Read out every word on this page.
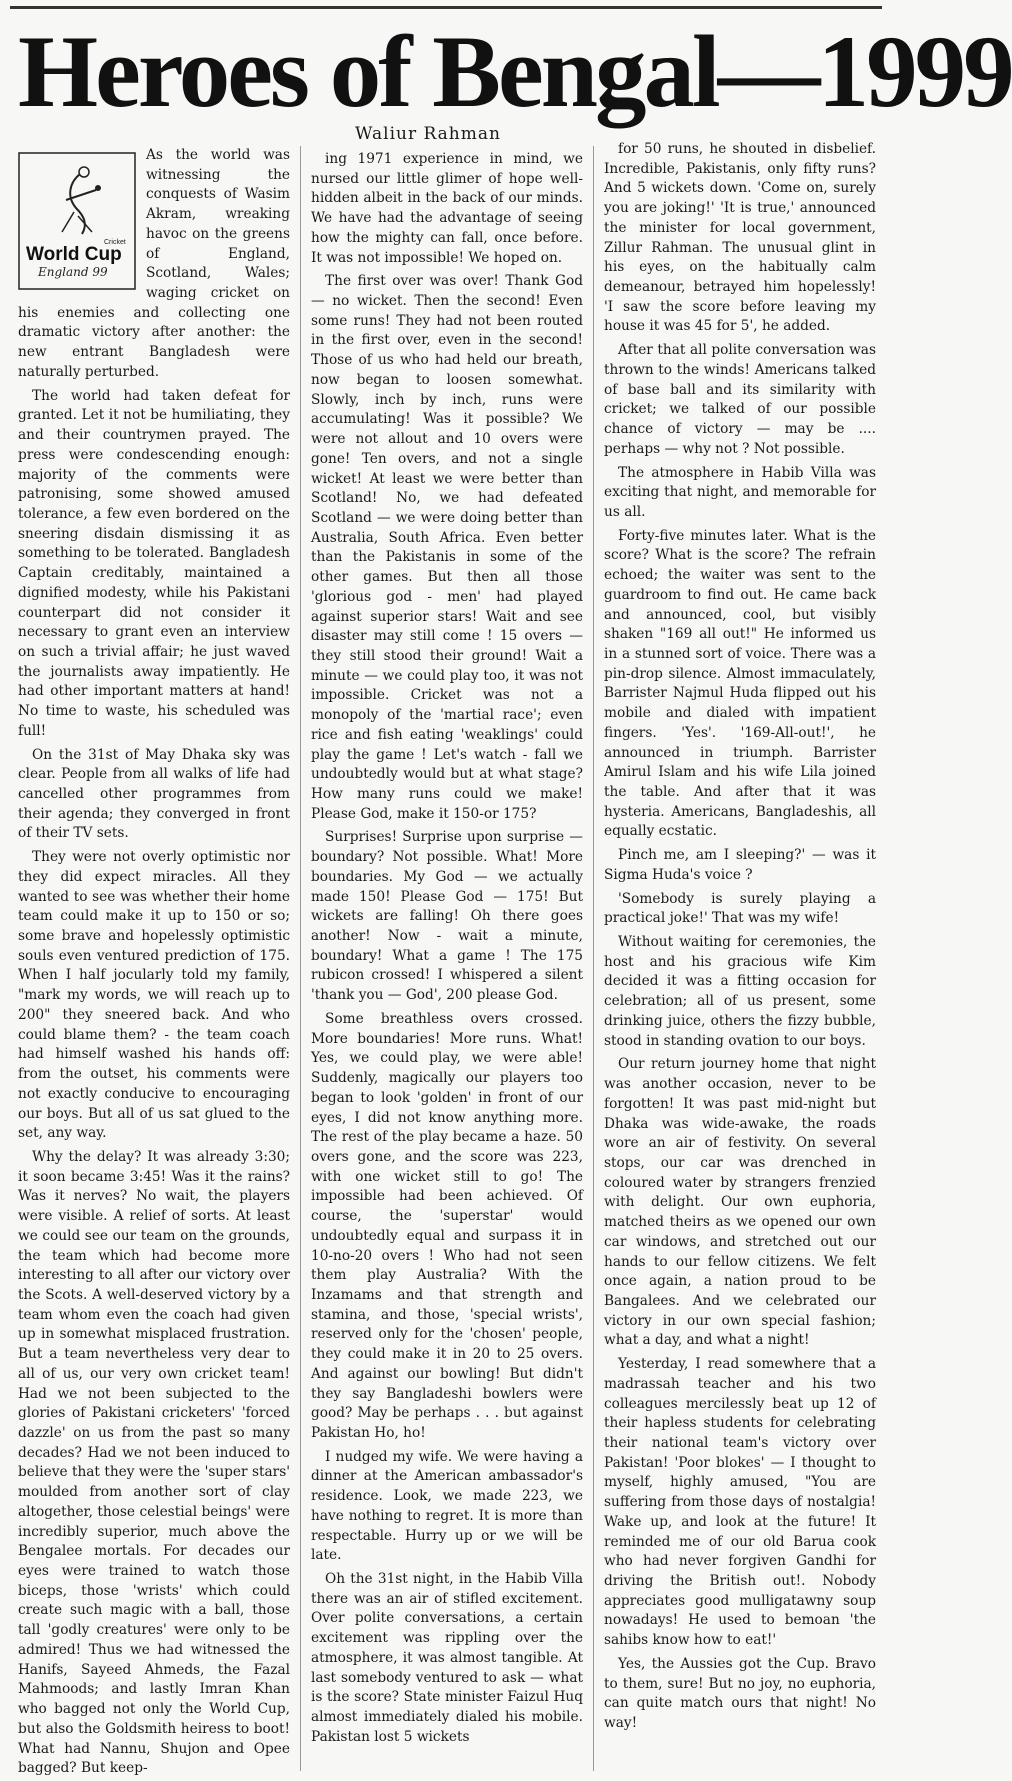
Heroes of Bengal—1999
Waliur Rahman
Cricket
World Cup
England 99

As the world was witnessing the conquests of Wasim Akram, wreaking havoc on the greens of England, Scotland, Wales; waging cricket on his enemies and collecting one dramatic victory after another: the new entrant Bangladesh were naturally perturbed.

The world had taken defeat for granted. Let it not be humiliating, they and their countrymen prayed. The press were condescending enough: majority of the comments were patronising, some showed amused tolerance, a few even bordered on the sneering disdain dismissing it as something to be tolerated. Bangladesh Captain creditably, maintained a dignified modesty, while his Pakistani counterpart did not consider it necessary to grant even an interview on such a trivial affair; he just waved the journalists away impatiently. He had other important matters at hand! No time to waste, his scheduled was full!

On the 31st of May Dhaka sky was clear. People from all walks of life had cancelled other programmes from their agenda; they converged in front of their TV sets.

They were not overly optimistic nor they did expect miracles. All they wanted to see was whether their home team could make it up to 150 or so; some brave and hopelessly optimistic souls even ventured prediction of 175. When I half jocularly told my family, "mark my words, we will reach up to 200" they sneered back. And who could blame them? - the team coach had himself washed his hands off: from the outset, his comments were not exactly conducive to encouraging our boys. But all of us sat glued to the set, any way.

Why the delay? It was already 3:30; it soon became 3:45! Was it the rains? Was it nerves? No wait, the players were visible. A relief of sorts. At least we could see our team on the grounds, the team which had become more interesting to all after our victory over the Scots. A well-deserved victory by a team whom even the coach had given up in somewhat misplaced frustration. But a team nevertheless very dear to all of us, our very own cricket team! Had we not been subjected to the glories of Pakistani cricketers' 'forced dazzle' on us from the past so many decades? Had we not been induced to believe that they were the 'super stars' moulded from another sort of clay altogether, those celestial beings' were incredibly superior, much above the Bengalee mortals. For decades our eyes were trained to watch those biceps, those 'wrists' which could create such magic with a ball, those tall 'godly creatures' were only to be admired! Thus we had witnessed the Hanifs, Sayeed Ahmeds, the Fazal Mahmoods; and lastly Imran Khan who bagged not only the World Cup, but also the Goldsmith heiress to boot! What had Nannu, Shujon and Opee bagged? But keep-

ing 1971 experience in mind, we nursed our little glimer of hope well-hidden albeit in the back of our minds. We have had the advantage of seeing how the mighty can fall, once before. It was not impossible! We hoped on.

The first over was over! Thank God — no wicket. Then the second! Even some runs! They had not been routed in the first over, even in the second! Those of us who had held our breath, now began to loosen somewhat. Slowly, inch by inch, runs were accumulating! Was it possible? We were not allout and 10 overs were gone! Ten overs, and not a single wicket! At least we were better than Scotland! No, we had defeated Scotland — we were doing better than Australia, South Africa. Even better than the Pakistanis in some of the other games. But then all those 'glorious god - men' had played against superior stars! Wait and see disaster may still come ! 15 overs — they still stood their ground! Wait a minute — we could play too, it was not impossible. Cricket was not a monopoly of the 'martial race'; even rice and fish eating 'weaklings' could play the game ! Let's watch - fall we undoubtedly would but at what stage? How many runs could we make! Please God, make it 150-or 175?

Surprises! Surprise upon surprise — boundary? Not possible. What! More boundaries. My God — we actually made 150! Please God — 175! But wickets are falling! Oh there goes another! Now - wait a minute, boundary! What a game ! The 175 rubicon crossed! I whispered a silent 'thank you — God', 200 please God.

Some breathless overs crossed. More boundaries! More runs. What! Yes, we could play, we were able! Suddenly, magically our players too began to look 'golden' in front of our eyes, I did not know anything more. The rest of the play became a haze. 50 overs gone, and the score was 223, with one wicket still to go! The impossible had been achieved. Of course, the 'superstar' would undoubtedly equal and surpass it in 10-no-20 overs ! Who had not seen them play Australia? With the Inzamams and that strength and stamina, and those, 'special wrists', reserved only for the 'chosen' people, they could make it in 20 to 25 overs. And against our bowling! But didn't they say Bangladeshi bowlers were good? May be perhaps . . . but against Pakistan Ho, ho!

I nudged my wife. We were having a dinner at the American ambassador's residence. Look, we made 223, we have nothing to regret. It is more than respectable. Hurry up or we will be late.

Oh the 31st night, in the Habib Villa there was an air of stifled excitement. Over polite conversations, a certain excitement was rippling over the atmosphere, it was almost tangible. At last somebody ventured to ask — what is the score? State minister Faizul Huq almost immediately dialed his mobile. Pakistan lost 5 wickets

for 50 runs, he shouted in disbelief. Incredible, Pakistanis, only fifty runs? And 5 wickets down. 'Come on, surely you are joking!' 'It is true,' announced the minister for local government, Zillur Rahman. The unusual glint in his eyes, on the habitually calm demeanour, betrayed him hopelessly! 'I saw the score before leaving my house it was 45 for 5', he added.

After that all polite conversation was thrown to the winds! Americans talked of base ball and its similarity with cricket; we talked of our possible chance of victory — may be .... perhaps — why not ? Not possible.

The atmosphere in Habib Villa was exciting that night, and memorable for us all.

Forty-five minutes later. What is the score? What is the score? The refrain echoed; the waiter was sent to the guardroom to find out. He came back and announced, cool, but visibly shaken "169 all out!" He informed us in a stunned sort of voice. There was a pin-drop silence. Almost immaculately, Barrister Najmul Huda flipped out his mobile and dialed with impatient fingers. 'Yes'. '169-All-out!', he announced in triumph. Barrister Amirul Islam and his wife Lila joined the table. And after that it was hysteria. Americans, Bangladeshis, all equally ecstatic.

Pinch me, am I sleeping?' — was it Sigma Huda's voice ?

'Somebody is surely playing a practical joke!' That was my wife!

Without waiting for ceremonies, the host and his gracious wife Kim decided it was a fitting occasion for celebration; all of us present, some drinking juice, others the fizzy bubble, stood in standing ovation to our boys.

Our return journey home that night was another occasion, never to be forgotten! It was past mid-night but Dhaka was wide-awake, the roads wore an air of festivity. On several stops, our car was drenched in coloured water by strangers frenzied with delight. Our own euphoria, matched theirs as we opened our own car windows, and stretched out our hands to our fellow citizens. We felt once again, a nation proud to be Bangalees. And we celebrated our victory in our own special fashion; what a day, and what a night!

Yesterday, I read somewhere that a madrassah teacher and his two colleagues mercilessly beat up 12 of their hapless students for celebrating their national team's victory over Pakistan! 'Poor blokes' — I thought to myself, highly amused, "You are suffering from those days of nostalgia! Wake up, and look at the future! It reminded me of our old Barua cook who had never forgiven Gandhi for driving the British out!. Nobody appreciates good mulligatawny soup nowadays! He used to bemoan 'the sahibs know how to eat!'

Yes, the Aussies got the Cup. Bravo to them, sure! But no joy, no euphoria, can quite match ours that night! No way!
